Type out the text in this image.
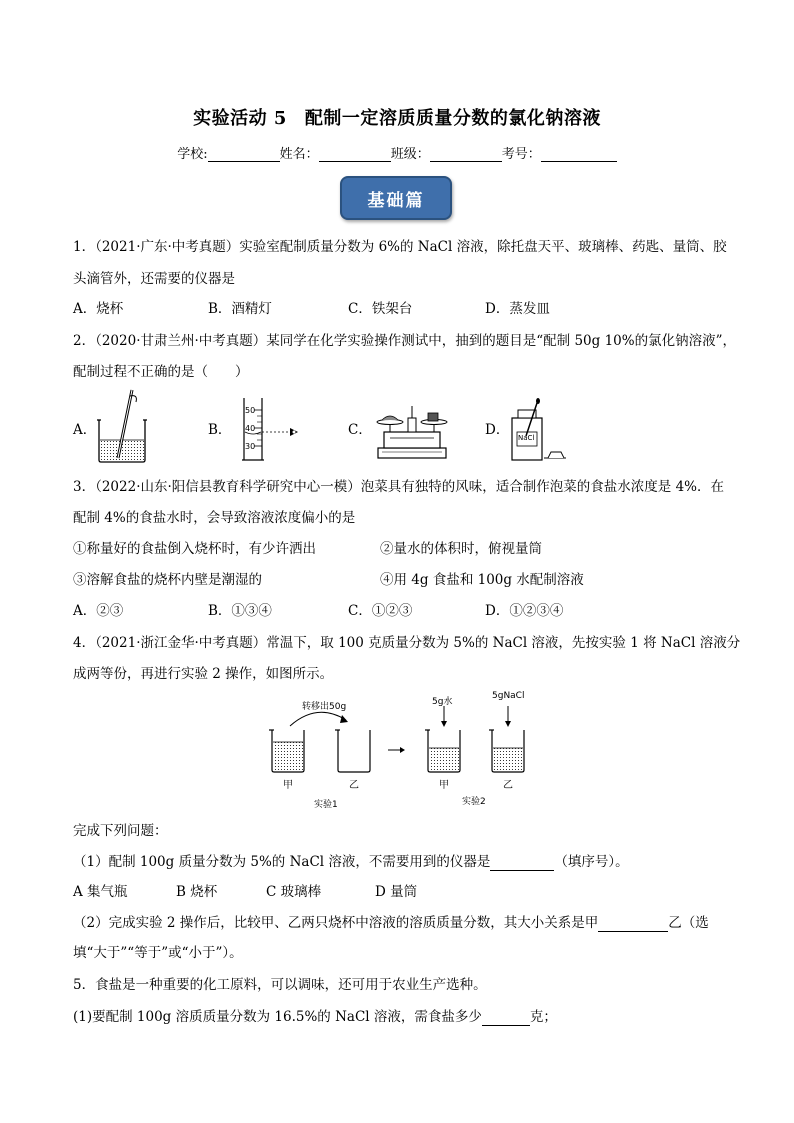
实验活动 5 配制一定溶质质量分数的氯化钠溶液
学校:	姓名：	班级：	考号：
基础篇
1．（2021·广东·中考真题）实验室配制质量分数为 6%的 NaCl 溶液，除托盘天平、玻璃棒、药匙、量筒、胶
头滴管外，还需要的仪器是
A．烧杯	B．酒精灯	C．铁架台	D．蒸发皿
2．（2020·甘肃兰州·中考真题）某同学在化学实验操作测试中，抽到的题目是“配制 50g 10%的氯化钠溶液”，
配制过程不正确的是（　　）
A．	B．
50
40
30
C．	D． NaCl
3．（2022·山东·阳信县教育科学研究中心一模）泡菜具有独特的风味，适合制作泡菜的食盐水浓度是 4%．在
配制 4%的食盐水时，会导致溶液浓度偏小的是
①称量好的食盐倒入烧杯时，有少许洒出	②量水的体积时，俯视量筒
③溶解食盐的烧杯内壁是潮湿的	④用 4g 食盐和 100g 水配制溶液
A．②③	B．①③④	C．①②③	D．①②③④
4．（2021·浙江金华·中考真题）常温下，取 100 克质量分数为 5%的 NaCl 溶液，先按实验 1 将 NaCl 溶液分
成两等份，再进行实验 2 操作，如图所示。
转移出50g	5g水
5gNaCl
甲	乙	甲	乙
实验1	实验2
完成下列问题：
（1）配制 100g 质量分数为 5%的 NaCl 溶液，不需要用到的仪器是	（填序号）。
A 集气瓶	B 烧杯	C 玻璃棒	D 量筒
（2）完成实验 2 操作后，比较甲、乙两只烧杯中溶液的溶质质量分数，其大小关系是甲	乙（选
填“大于”“等于”或“小于”）。
5．食盐是一种重要的化工原料，可以调味，还可用于农业生产选种。
(1)要配制 100g 溶质质量分数为 16.5%的 NaCl 溶液，需食盐多少	克；
